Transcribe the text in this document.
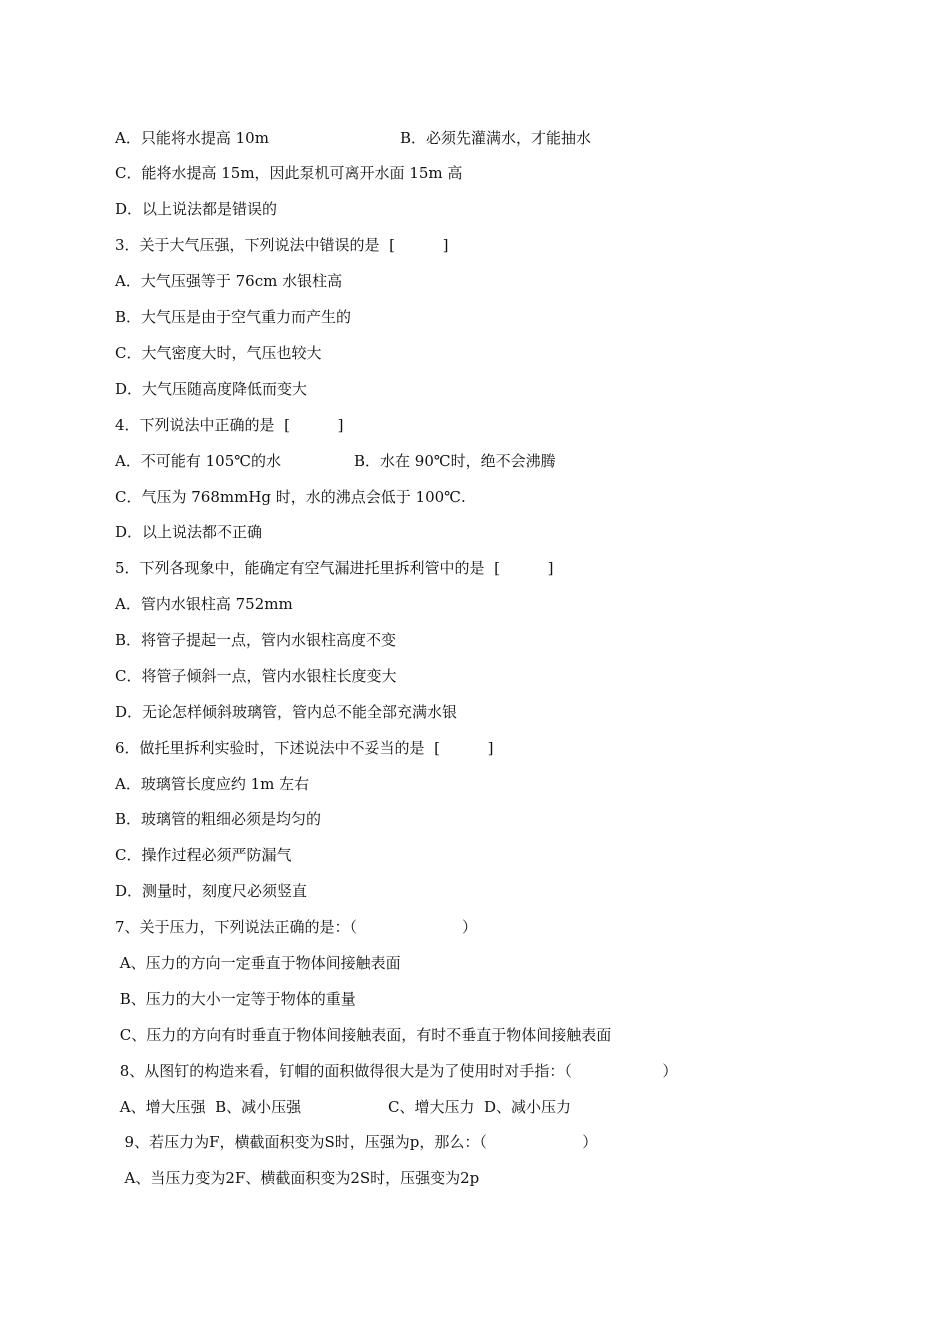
A．只能将水提高 10m	B．必须先灌满水，才能抽水
C．能将水提高 15m，因此泵机可离开水面 15m 高
D．以上说法都是错误的
3．关于大气压强，下列说法中错误的是  [          ]
A．大气压强等于 76cm 水银柱高
B．大气压是由于空气重力而产生的
C．大气密度大时，气压也较大
D．大气压随高度降低而变大
4．下列说法中正确的是  [          ]
A．不可能有 105℃的水	B．水在 90℃时，绝不会沸腾
C．气压为 768mmHg 时，水的沸点会低于 100℃.
D．以上说法都不正确
5．下列各现象中，能确定有空气漏进托里拆利管中的是  [          ]
A．管内水银柱高 752mm
B．将管子提起一点，管内水银柱高度不变
C．将管子倾斜一点，管内水银柱长度变大
D．无论怎样倾斜玻璃管，管内总不能全部充满水银
6．做托里拆利实验时，下述说法中不妥当的是  [          ]
A．玻璃管长度应约 1m 左右
B．玻璃管的粗细必须是均匀的
C．操作过程必须严防漏气
D．测量时，刻度尺必须竖直
7、关于压力，下列说法正确的是：（                      ）
A、压力的方向一定垂直于物体间接触表面
B、压力的大小一定等于物体的重量
C、压力的方向有时垂直于物体间接触表面，有时不垂直于物体间接触表面
8、从图钉的构造来看，钉帽的面积做得很大是为了使用时对手指：（                   ）
A、增大压强  B、减小压强	C、增大压力  D、减小压力
9、若压力为F，横截面积变为S时，压强为p，那么：（                    ）
A、当压力变为2F、横截面积变为2S时，压强变为2p
